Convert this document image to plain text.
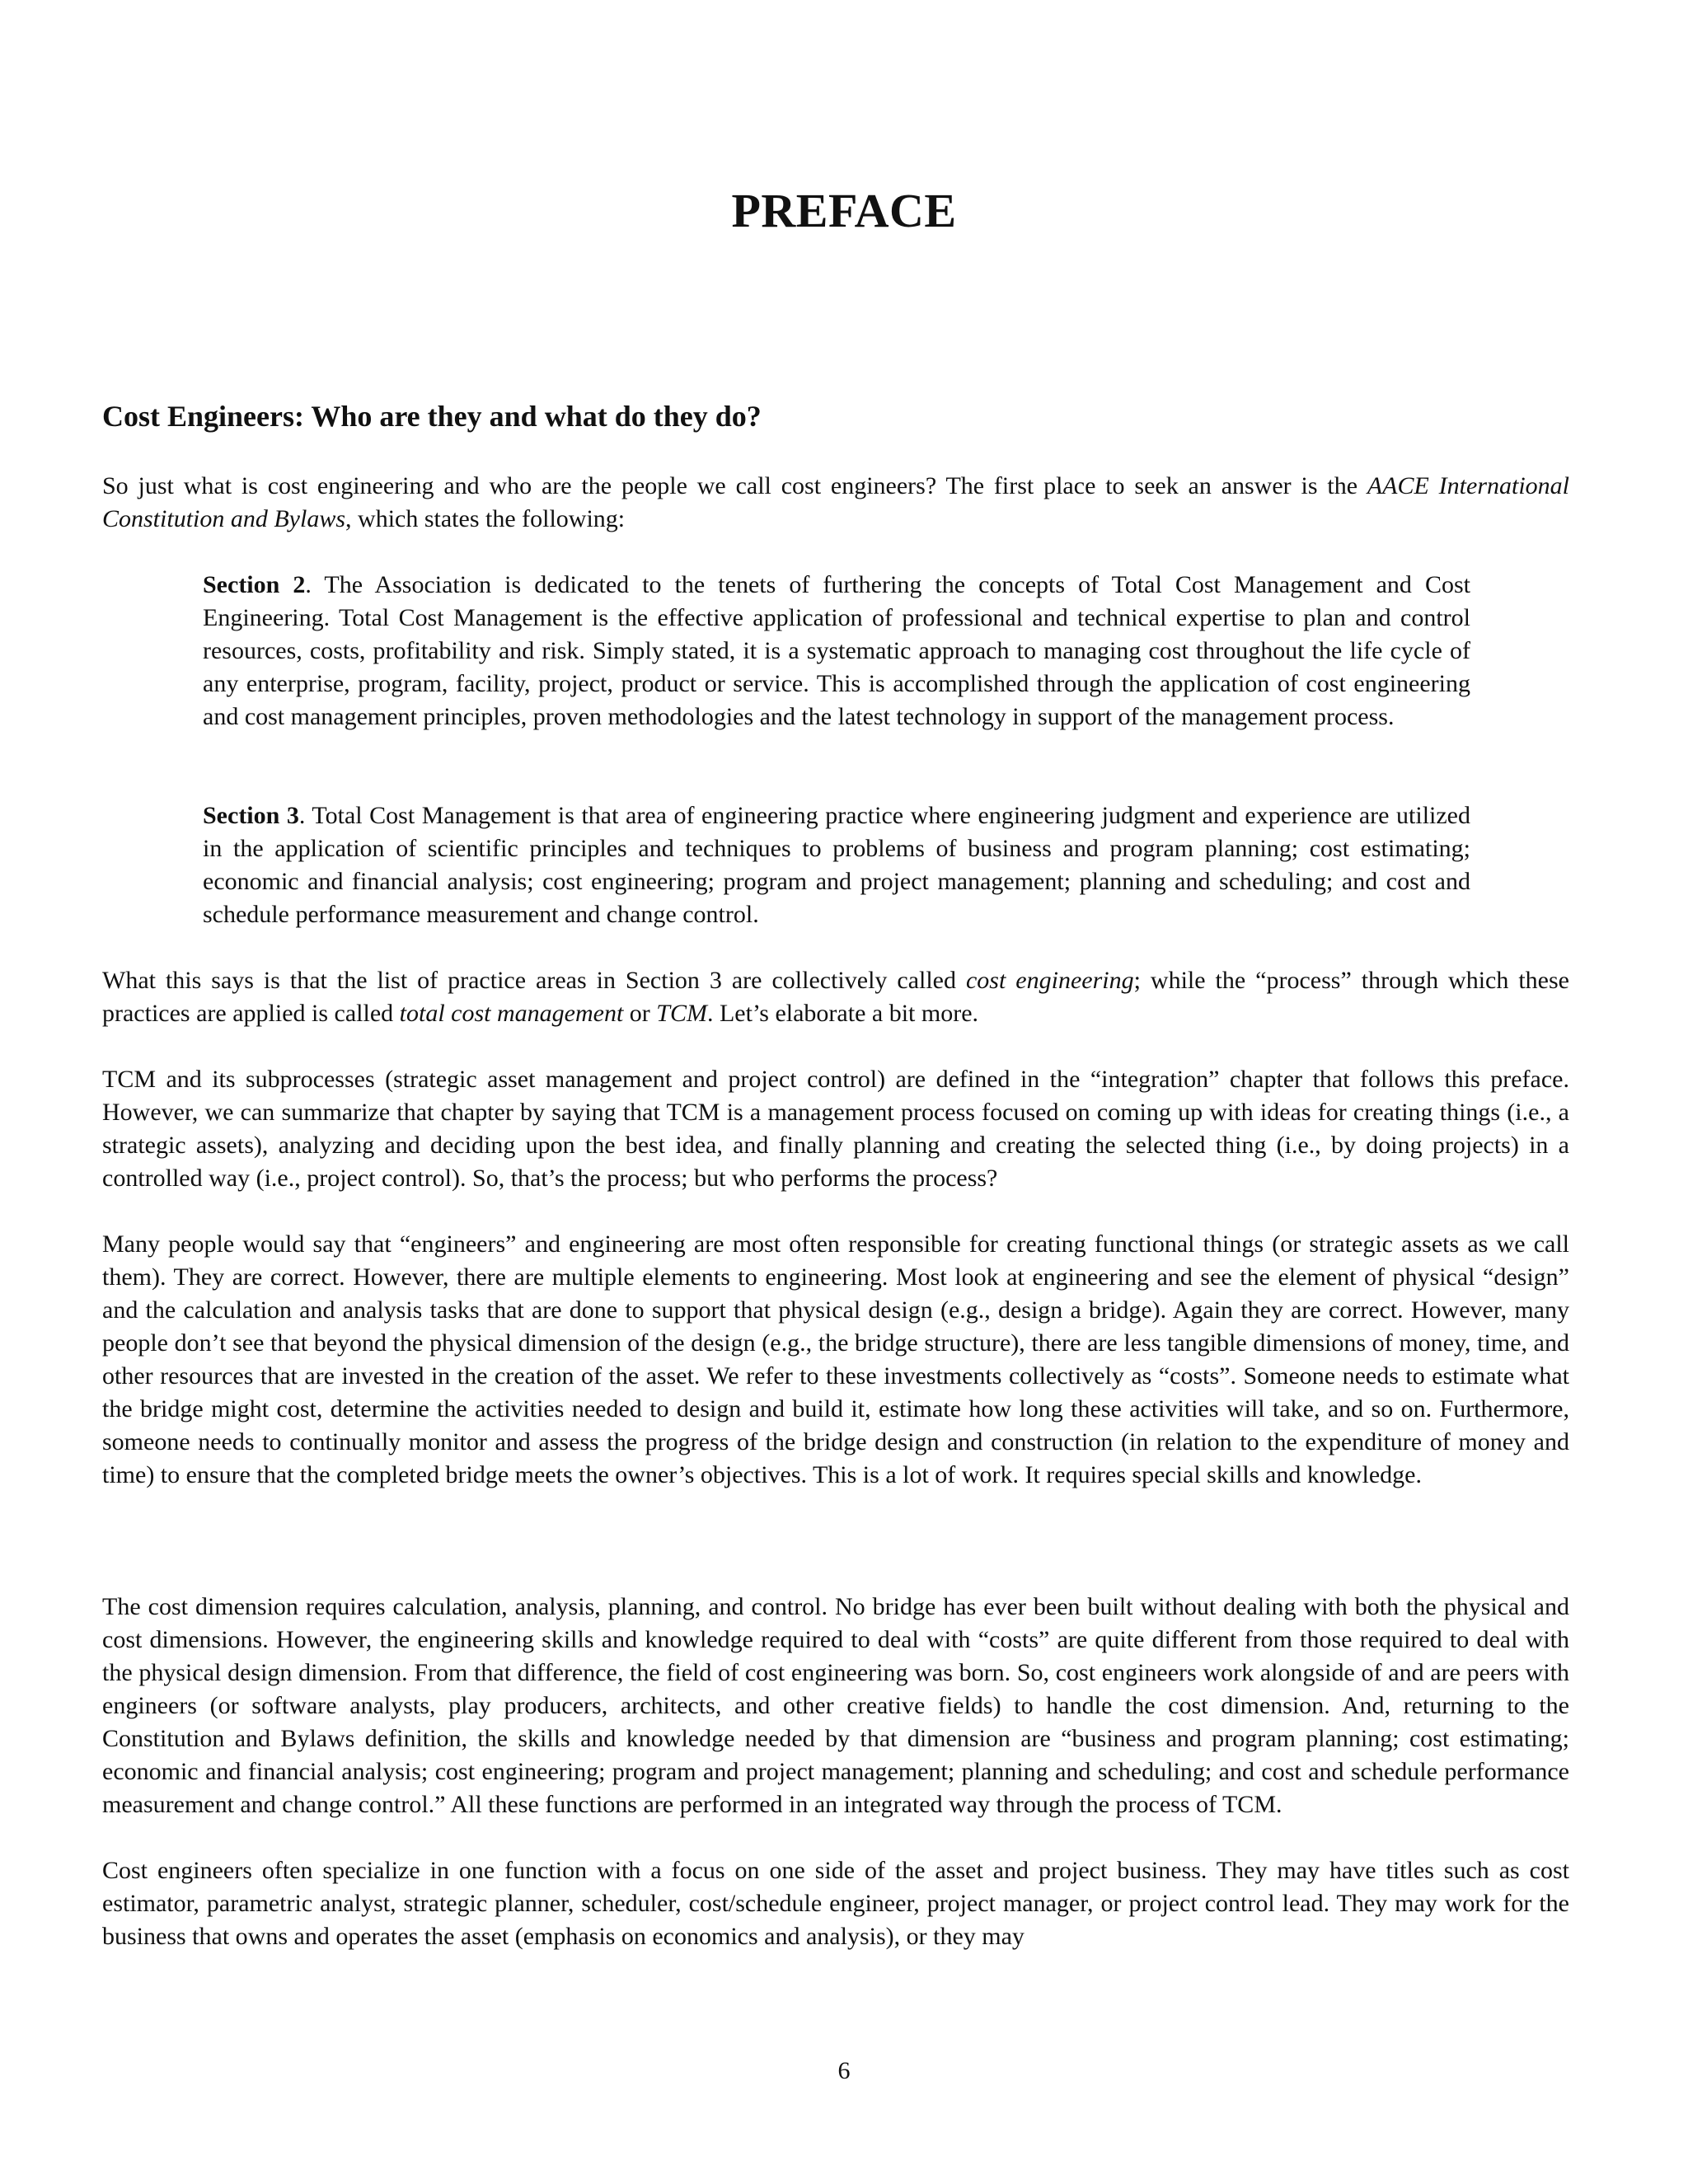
PREFACE
Cost Engineers: Who are they and what do they do?

So just what is cost engineering and who are the people we call cost engineers? The first place to seek an answer is the AACE International Constitution and Bylaws, which states the following:

Section 2. The Association is dedicated to the tenets of furthering the concepts of Total Cost Management and Cost Engineering. Total Cost Management is the effective application of professional and technical expertise to plan and control resources, costs, profitability and risk. Simply stated, it is a systematic approach to managing cost throughout the life cycle of any enterprise, program, facility, project, product or service. This is accomplished through the application of cost engineering and cost management principles, proven methodologies and the latest technology in support of the management process.

Section 3. Total Cost Management is that area of engineering practice where engineering judgment and experience are utilized in the application of scientific principles and techniques to problems of business and program planning; cost estimating; economic and financial analysis; cost engineering; program and project management; planning and scheduling; and cost and schedule performance measurement and change control.

What this says is that the list of practice areas in Section 3 are collectively called cost engineering; while the “process” through which these practices are applied is called total cost management or TCM. Let’s elaborate a bit more.

TCM and its subprocesses (strategic asset management and project control) are defined in the “integration” chapter that follows this preface. However, we can summarize that chapter by saying that TCM is a management process focused on coming up with ideas for creating things (i.e., a strategic assets), analyzing and deciding upon the best idea, and finally planning and creating the selected thing (i.e., by doing projects) in a controlled way (i.e., project control). So, that’s the process; but who performs the process?

Many people would say that “engineers” and engineering are most often responsible for creating functional things (or strategic assets as we call them). They are correct. However, there are multiple elements to engineering. Most look at engineering and see the element of physical “design” and the calculation and analysis tasks that are done to support that physical design (e.g., design a bridge). Again they are correct. However, many people don’t see that beyond the physical dimension of the design (e.g., the bridge structure), there are less tangible dimensions of money, time, and other resources that are invested in the creation of the asset. We refer to these investments collectively as “costs”. Someone needs to estimate what the bridge might cost, determine the activities needed to design and build it, estimate how long these activities will take, and so on. Furthermore, someone needs to continually monitor and assess the progress of the bridge design and construction (in relation to the expenditure of money and time) to ensure that the completed bridge meets the owner’s objectives. This is a lot of work. It requires special skills and knowledge.

The cost dimension requires calculation, analysis, planning, and control. No bridge has ever been built without dealing with both the physical and cost dimensions. However, the engineering skills and knowledge required to deal with “costs” are quite different from those required to deal with the physical design dimension. From that difference, the field of cost engineering was born. So, cost engineers work alongside of and are peers with engineers (or software analysts, play producers, architects, and other creative fields) to handle the cost dimension. And, returning to the Constitution and Bylaws definition, the skills and knowledge needed by that dimension are “business and program planning; cost estimating; economic and financial analysis; cost engineering; program and project management; planning and scheduling; and cost and schedule performance measurement and change control.” All these functions are performed in an integrated way through the process of TCM.

Cost engineers often specialize in one function with a focus on one side of the asset and project business. They may have titles such as cost estimator, parametric analyst, strategic planner, scheduler, cost/schedule engineer, project manager, or project control lead. They may work for the business that owns and operates the asset (emphasis on economics and analysis), or they may

6
